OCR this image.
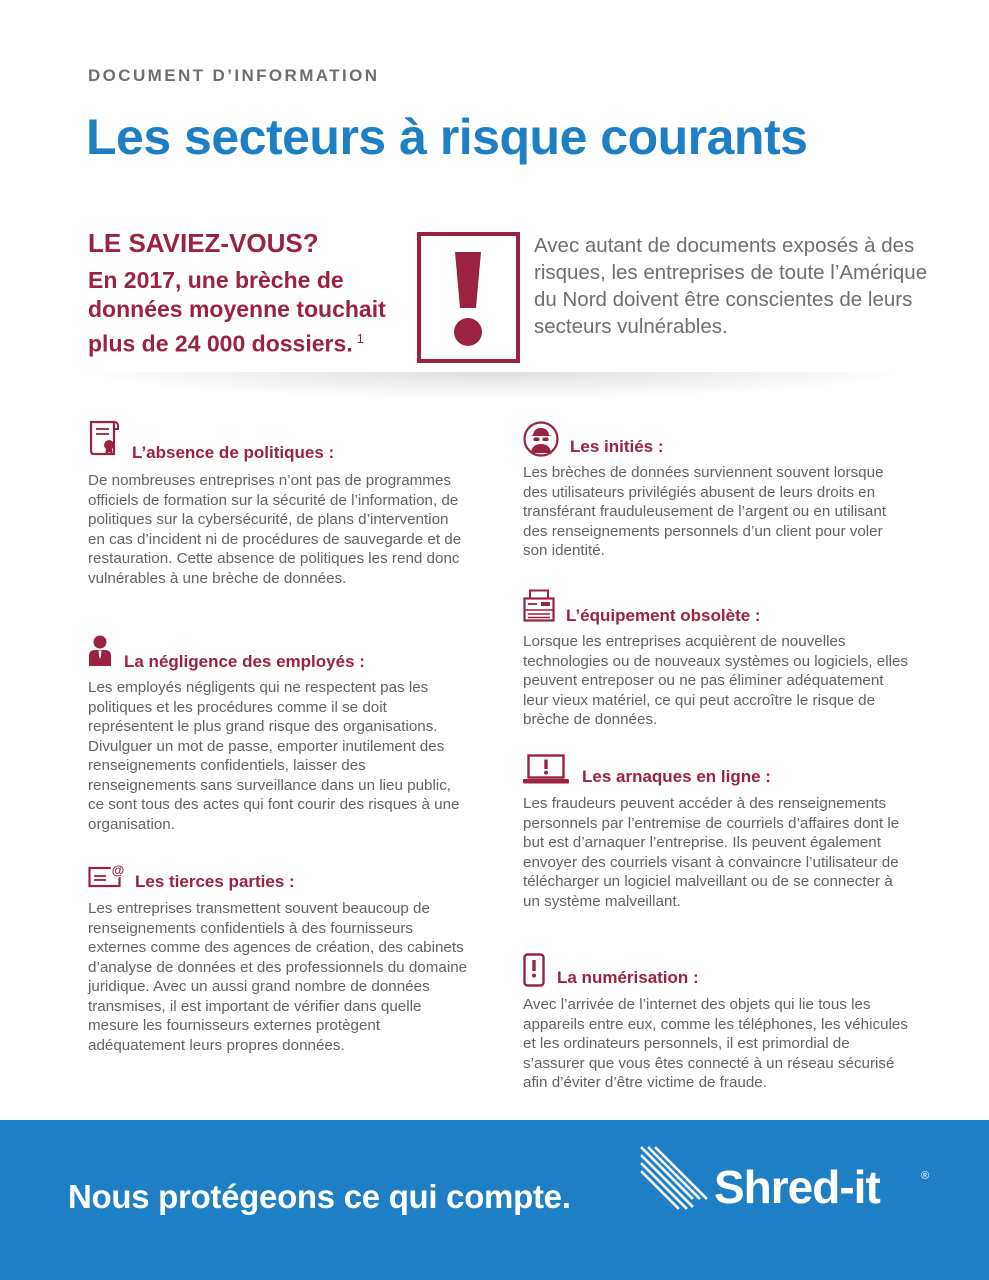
DOCUMENT D’INFORMATION
Les secteurs à risque courants
LE SAVIEZ-VOUS?
En 2017, une brèche de données moyenne touchait plus de 24 000 dossiers. $^1$
Avec autant de documents exposés à des risques, les entreprises de toute l’Amérique du Nord doivent être conscientes de leurs secteurs vulnérables.
L’absence de politiques :
De nombreuses entreprises n’ont pas de programmes officiels de formation sur la sécurité de l’information, de politiques sur la cybersécurité, de plans d’intervention en cas d’incident ni de procédures de sauvegarde et de restauration. Cette absence de politiques les rend donc vulnérables à une brèche de données.
La négligence des employés :
Les employés négligents qui ne respectent pas les politiques et les procédures comme il se doit représentent le plus grand risque des organisations. Divulguer un mot de passe, emporter inutilement des renseignements confidentiels, laisser des renseignements sans surveillance dans un lieu public, ce sont tous des actes qui font courir des risques à une organisation.
@
Les tierces parties :
Les entreprises transmettent souvent beaucoup de renseignements confidentiels à des fournisseurs externes comme des agences de création, des cabinets d’analyse de données et des professionnels du domaine juridique. Avec un aussi grand nombre de données transmises, il est important de vérifier dans quelle mesure les fournisseurs externes protègent adéquatement leurs propres données.
Les initiés :
Les brèches de données surviennent souvent lorsque des utilisateurs privilégiés abusent de leurs droits en transférant frauduleusement de l’argent ou en utilisant des renseignements personnels d’un client pour voler son identité.
L’équipement obsolète :
Lorsque les entreprises acquièrent de nouvelles technologies ou de nouveaux systèmes ou logiciels, elles peuvent entreposer ou ne pas éliminer adéquatement leur vieux matériel, ce qui peut accroître le risque de brèche de données.
Les arnaques en ligne :
Les fraudeurs peuvent accéder à des renseignements personnels par l’entremise de courriels d’affaires dont le but est d’arnaquer l’entreprise. Ils peuvent également envoyer des courriels visant à convaincre l’utilisateur de télécharger un logiciel malveillant ou de se connecter à un système malveillant.
La numérisation :
Avec l’arrivée de l’internet des objets qui lie tous les appareils entre eux, comme les téléphones, les véhicules et les ordinateurs personnels, il est primordial de s’assurer que vous êtes connecté à un réseau sécurisé afin d’éviter d’être victime de fraude.
Nous protégeons ce qui compte.	Shred-it	®
